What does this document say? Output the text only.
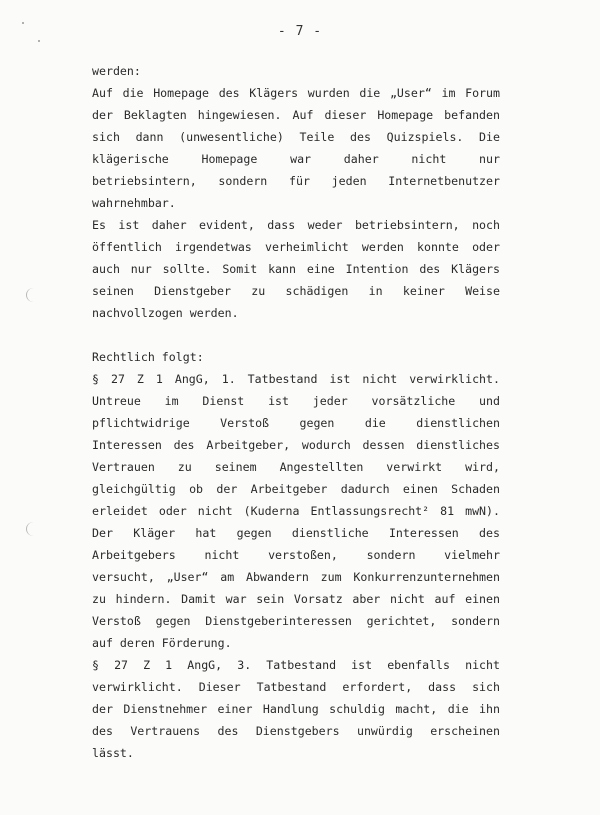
- 7 -
werden:
Auf die Homepage des Klägers wurden die „User“ im Forum
der Beklagten hingewiesen. Auf dieser Homepage befanden
sich dann (unwesentliche) Teile des Quizspiels. Die
klägerische Homepage war daher nicht nur
betriebsintern, sondern für jeden Internetbenutzer
wahrnehmbar.
Es ist daher evident, dass weder betriebsintern, noch
öffentlich irgendetwas verheimlicht werden konnte oder
auch nur sollte. Somit kann eine Intention des Klägers
seinen Dienstgeber zu schädigen in keiner Weise
nachvollzogen werden.
Rechtlich folgt:
§ 27 Z 1 AngG, 1. Tatbestand ist nicht verwirklicht.
Untreue im Dienst ist jeder vorsätzliche und
pflichtwidrige Verstoß gegen die dienstlichen
Interessen des Arbeitgeber, wodurch dessen dienstliches
Vertrauen zu seinem Angestellten verwirkt wird,
gleichgültig ob der Arbeitgeber dadurch einen Schaden
erleidet oder nicht (Kuderna Entlassungsrecht² 81 mwN).
Der Kläger hat gegen dienstliche Interessen des
Arbeitgebers nicht verstoßen, sondern vielmehr
versucht, „User“ am Abwandern zum Konkurrenzunternehmen
zu hindern. Damit war sein Vorsatz aber nicht auf einen
Verstoß gegen Dienstgeberinteressen gerichtet, sondern
auf deren Förderung.
§ 27 Z 1 AngG, 3. Tatbestand ist ebenfalls nicht
verwirklicht. Dieser Tatbestand erfordert, dass sich
der Dienstnehmer einer Handlung schuldig macht, die ihn
des Vertrauens des Dienstgebers unwürdig erscheinen
lässt.
